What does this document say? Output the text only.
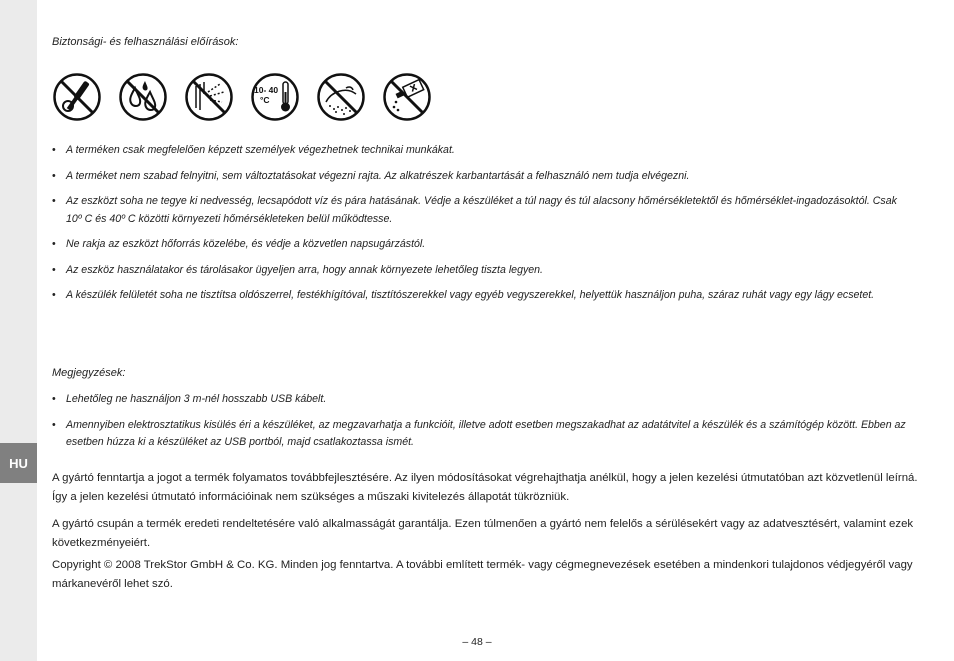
HU
Biztonsági- és felhasználási előírások:
10- 40
°C
• A terméken csak megfelelően képzett személyek végezhetnek technikai munkákat.
• A terméket nem szabad felnyitni, sem változtatásokat végezni rajta. Az alkatrészek karbantartását a felhasználó nem tudja elvégezni.
• Az eszközt soha ne tegye ki nedvesség, lecsapódott víz és pára hatásának. Védje a készüléket a túl nagy és túl alacsony hőmérsékletektől és hőmérséklet-ingadozásoktól. Csak 10º C és 40º C közötti környezeti hőmérsékleteken belül működtesse.
• Ne rakja az eszközt hőforrás közelébe, és védje a közvetlen napsugárzástól.
• Az eszköz használatakor és tárolásakor ügyeljen arra, hogy annak környezete lehetőleg tiszta legyen.
• A készülék felületét soha ne tisztítsa oldószerrel, festékhígítóval, tisztítószerekkel vagy egyéb vegyszerekkel, helyettük használjon puha, száraz ruhát vagy egy lágy ecsetet.
Megjegyzések:
• Lehetőleg ne használjon 3 m-nél hosszabb USB kábelt.
• Amennyiben elektrosztatikus kisülés éri a készüléket, az megzavarhatja a funkcióit, illetve adott esetben megszakadhat az adatátvitel a készülék és a számítógép között. Ebben az esetben húzza ki a készüléket az USB portból, majd csatlakoztassa ismét.

A gyártó fenntartja a jogot a termék folyamatos továbbfejlesztésére. Az ilyen módosításokat végrehajthatja anélkül, hogy a jelen kezelési útmutatóban azt közvetlenül leírná. Így a jelen kezelési útmutató információinak nem szükséges a műszaki kivitelezés állapotát tükrözniük.

A gyártó csupán a termék eredeti rendeltetésére való alkalmasságát garantálja. Ezen túlmenően a gyártó nem felelős a sérülésekért vagy az adatvesztésért, valamint ezek következményeiért.

Copyright © 2008 TrekStor GmbH & Co. KG. Minden jog fenntartva. A további említett termék- vagy cégmegnevezések esetében a mindenkori tulajdonos védjegyéről vagy márkanevéről lehet szó.

– 48 –
